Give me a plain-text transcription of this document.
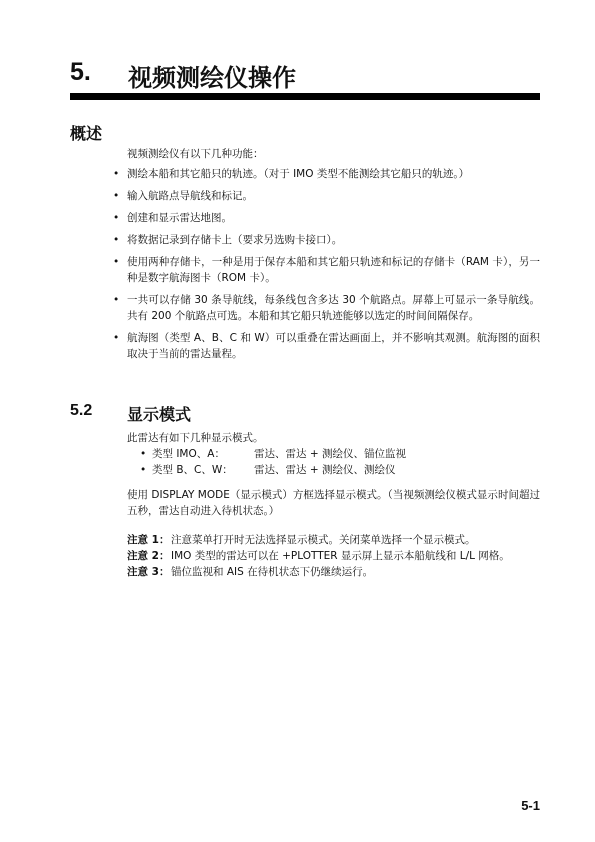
5. 视频测绘仪操作
概述
视频测绘仪有以下几种功能：
• 测绘本船和其它船只的轨迹。（对于 IMO 类型不能测绘其它船只的轨迹。）
• 输入航路点导航线和标记。
• 创建和显示雷达地图。
• 将数据记录到存储卡上（要求另选购卡接口）。
• 使用两种存储卡，一种是用于保存本船和其它船只轨迹和标记的存储卡（RAM 卡），另一种是数字航海图卡（ROM 卡）。
• 一共可以存储 30 条导航线，每条线包含多达 30 个航路点。屏幕上可显示一条导航线。共有 200 个航路点可选。本船和其它船只轨迹能够以选定的时间间隔保存。
• 航海图（类型 A、B、C 和 W）可以重叠在雷达画面上，并不影响其观测。航海图的面积取决于当前的雷达量程。
5.2 显示模式
此雷达有如下几种显示模式。
• 类型 IMO、A：	雷达、雷达 + 测绘仪、锚位监视
• 类型 B、C、W：	雷达、雷达 + 测绘仪、测绘仪
使用 DISPLAY MODE（显示模式）方框选择显示模式。（当视频测绘仪模式显示时间超过五秒，雷达自动进入待机状态。）
注意 1： 注意菜单打开时无法选择显示模式。关闭菜单选择一个显示模式。
注意 2： IMO 类型的雷达可以在 +PLOTTER 显示屏上显示本船航线和 L/L 网格。
注意 3： 锚位监视和 AIS 在待机状态下仍继续运行。
5-1
